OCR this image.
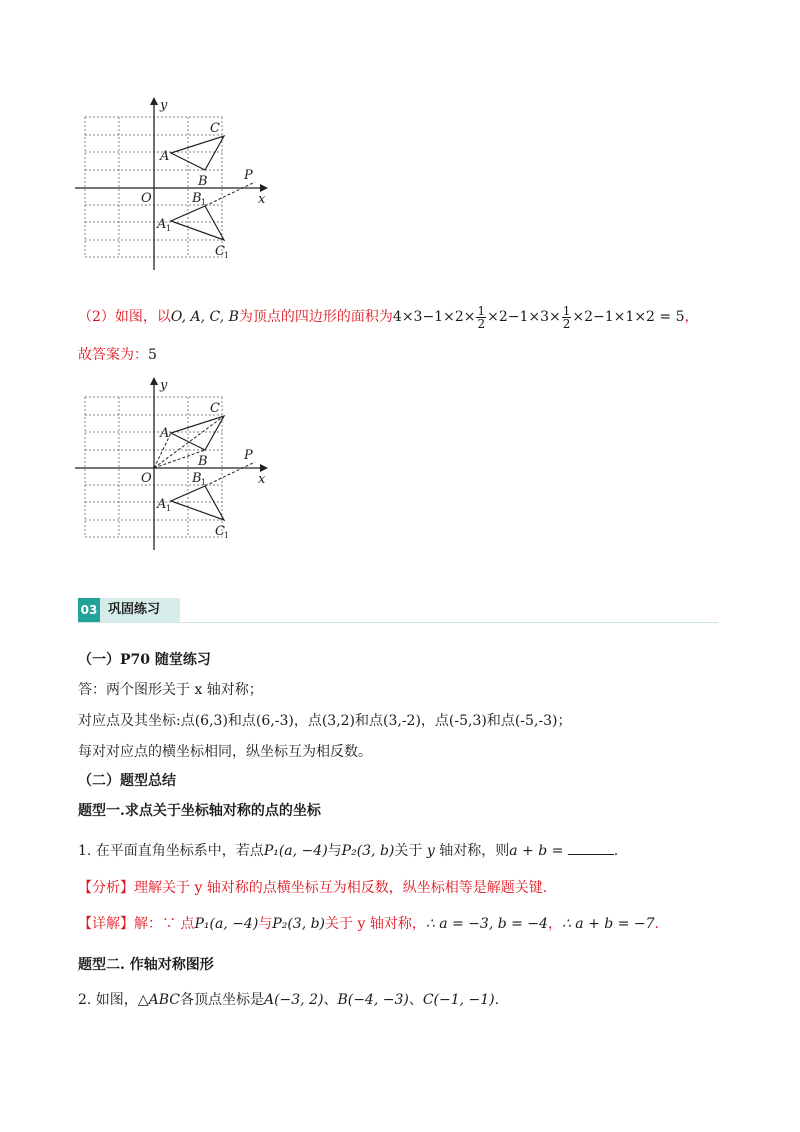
y
x
O
C
A
B	P
B
A
C
1
1
1
（2）如图，以O, A, C, B为顶点的四边形的面积为$4\times 3-1\times 2\times \frac{1}{2} \times 2-1\times 3\times \frac{1}{2} \times 2-1\times 1\times 2 = 5$，
故答案为：5
y
x
O
C
A
B	P
B
A
C
1
1
1
03 巩固练习
（一）P70 随堂练习
答：两个图形关于 x 轴对称；
对应点及其坐标:点(6,3)和点(6,-3)，点(3,2)和点(3,-2)，点(-5,3)和点(-5,-3)；
每对对应点的横坐标相同，纵坐标互为相反数。
（二）题型总结
题型一.求点关于坐标轴对称的点的坐标
1. 在平面直角坐标系中，若点P₁(a, −4)与P₂(3, b)关于 y 轴对称，则a + b =	.
【分析】理解关于 y 轴对称的点横坐标互为相反数，纵坐标相等是解题关键.
【详解】解：∵ 点P₁(a, −4)与P₂(3, b)关于 y 轴对称，∴ a = −3, b = −4，∴ a + b = −7.
题型二. 作轴对称图形
2. 如图，△ABC各顶点坐标是A(−3, 2)、B(−4, −3)、C(−1, −1).
